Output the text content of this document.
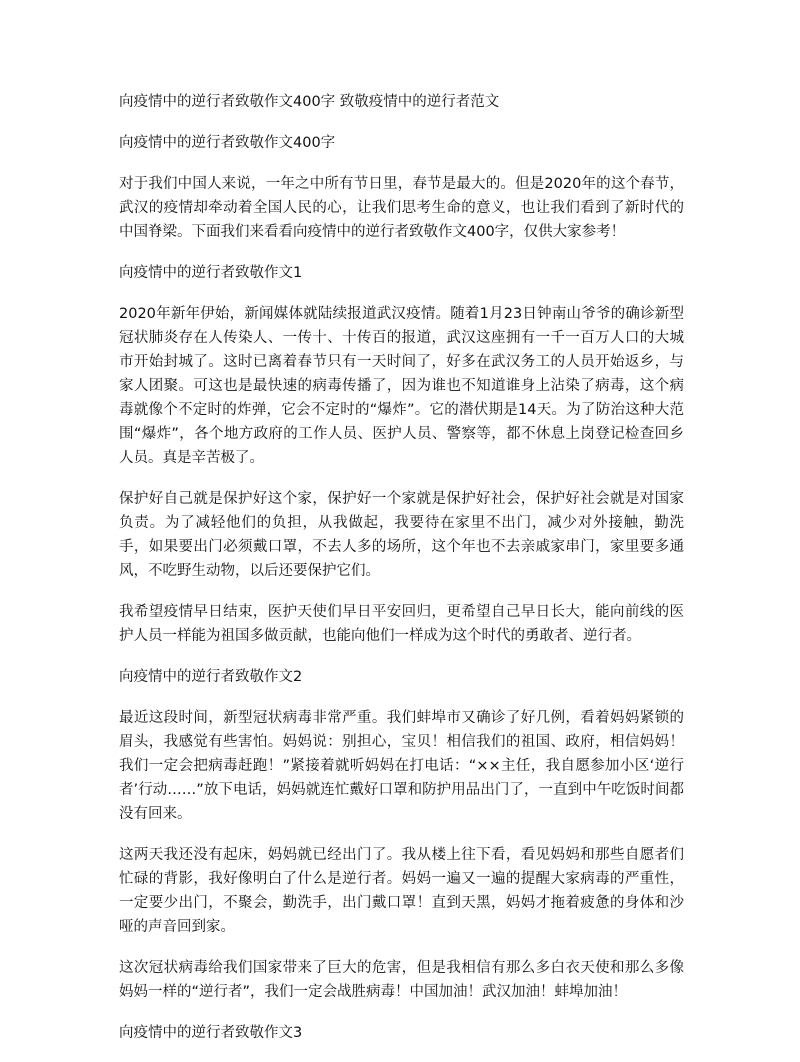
向疫情中的逆行者致敬作文400字 致敬疫情中的逆行者范文
向疫情中的逆行者致敬作文400字
对于我们中国人来说，一年之中所有节日里，春节是最大的。但是2020年的这个春节，武汉的疫情却牵动着全国人民的心，让我们思考生命的意义，也让我们看到了新时代的中国脊梁。下面我们来看看向疫情中的逆行者致敬作文400字，仅供大家参考！
向疫情中的逆行者致敬作文1
2020年新年伊始，新闻媒体就陆续报道武汉疫情。随着1月23日钟南山爷爷的确诊新型冠状肺炎存在人传染人、一传十、十传百的报道，武汉这座拥有一千一百万人口的大城市开始封城了。这时已离着春节只有一天时间了，好多在武汉务工的人员开始返乡，与家人团聚。可这也是最快速的病毒传播了，因为谁也不知道谁身上沾染了病毒，这个病毒就像个不定时的炸弹，它会不定时的“爆炸”。它的潜伏期是14天。为了防治这种大范围“爆炸”，各个地方政府的工作人员、医护人员、警察等，都不休息上岗登记检查回乡人员。真是辛苦极了。
保护好自己就是保护好这个家，保护好一个家就是保护好社会，保护好社会就是对国家负责。为了减轻他们的负担，从我做起，我要待在家里不出门，减少对外接触，勤洗手，如果要出门必须戴口罩，不去人多的场所，这个年也不去亲戚家串门，家里要多通风，不吃野生动物，以后还要保护它们。
我希望疫情早日结束，医护天使们早日平安回归，更希望自己早日长大，能向前线的医护人员一样能为祖国多做贡献，也能向他们一样成为这个时代的勇敢者、逆行者。
向疫情中的逆行者致敬作文2
最近这段时间，新型冠状病毒非常严重。我们蚌埠市又确诊了好几例，看着妈妈紧锁的眉头，我感觉有些害怕。妈妈说：别担心，宝贝！相信我们的祖国、政府，相信妈妈！我们一定会把病毒赶跑！”紧接着就听妈妈在打电话：“××主任，我自愿参加小区‘逆行者’行动……”放下电话，妈妈就连忙戴好口罩和防护用品出门了，一直到中午吃饭时间都没有回来。
这两天我还没有起床，妈妈就已经出门了。我从楼上往下看，看见妈妈和那些自愿者们忙碌的背影，我好像明白了什么是逆行者。妈妈一遍又一遍的提醒大家病毒的严重性，一定要少出门，不聚会，勤洗手，出门戴口罩！直到天黑，妈妈才拖着疲惫的身体和沙哑的声音回到家。
这次冠状病毒给我们国家带来了巨大的危害，但是我相信有那么多白衣天使和那么多像妈妈一样的“逆行者”，我们一定会战胜病毒！中国加油！武汉加油！蚌埠加油！
向疫情中的逆行者致敬作文3
